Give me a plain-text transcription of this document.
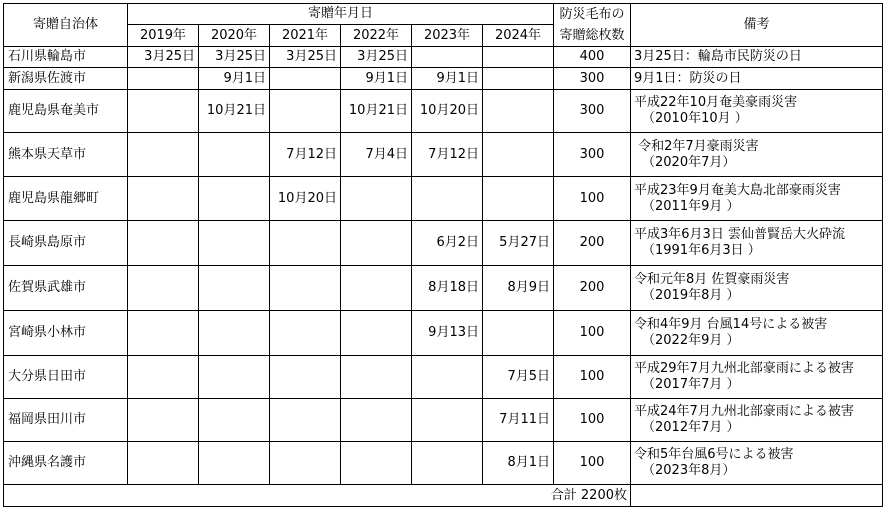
寄贈自治体	寄贈年月日						防災毛布の
寄贈総枚数	備考
	2019年	2020年	2021年	2022年	2023年	2024年		
石川県輪島市	3月25日	3月25日	3月25日	3月25日			400	3月25日：輪島市民防災の日
新潟県佐渡市		9月1日		9月1日	9月1日		300	9月1日：防災の日
鹿児島県奄美市		10月21日		10月21日	10月20日		300	平成22年10月奄美豪雨災害
（2010年10月 ）

熊本県天草市			7月12日	7月4日	7月12日		300	令和2年7月豪雨災害
（2020年7月）

鹿児島県龍郷町			10月20日				100	平成23年9月奄美大島北部豪雨災害
（2011年9月 ）

長崎県島原市					6月2日	5月27日	200	平成3年6月3日 雲仙普賢岳大火砕流
（1991年6月3日 ）

佐賀県武雄市					8月18日	8月9日	200	令和元年8月 佐賀豪雨災害
（2019年8月 ）

宮崎県小林市					9月13日		100	令和4年9月 台風14号による被害
（2022年9月 ）

大分県日田市						7月5日	100	平成29年7月九州北部豪雨による被害
（2017年7月 ）

福岡県田川市						7月11日	100	平成24年7月九州北部豪雨による被害
（2012年7月 ）

沖縄県名護市						8月1日	100	令和5年台風6号による被害
（2023年8月）

合計 2200枚								
